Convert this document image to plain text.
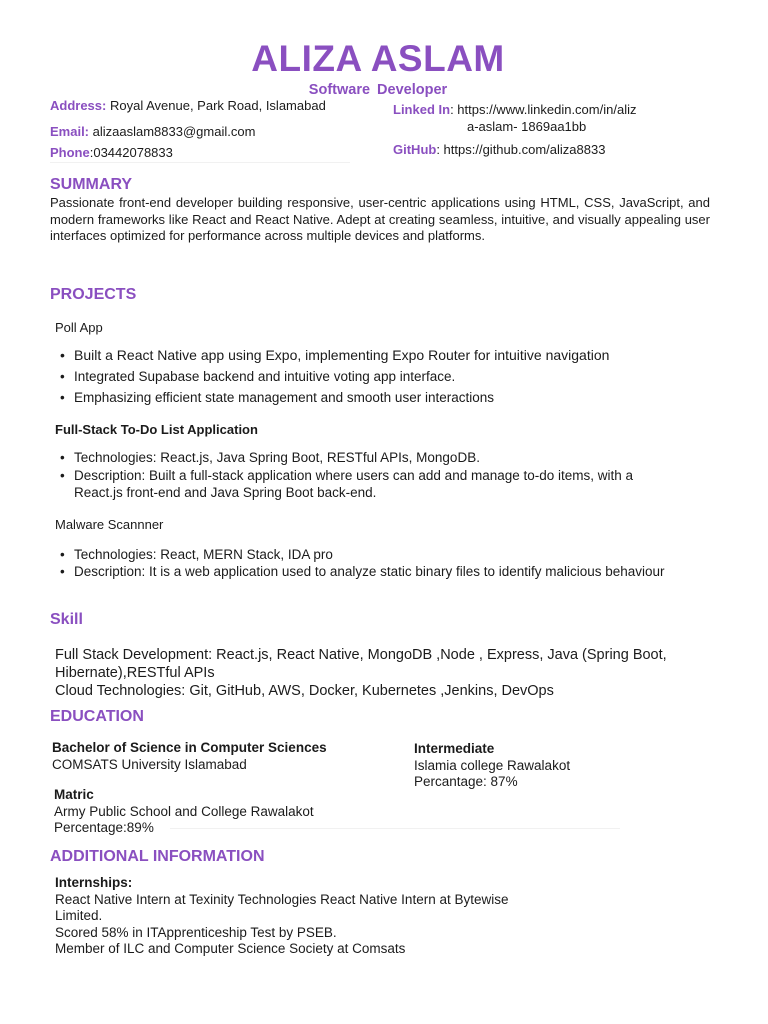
ALIZA ASLAM
Software Developer
Address: Royal Avenue, Park Road, Islamabad
Email: alizaaslam8833@gmail.com
Phone:03442078833
Linked In: https://www.linkedin.com/in/aliz
a-aslam- 1869aa1bb
GitHub: https://github.com/aliza8833
SUMMARY

Passionate front-end developer building responsive, user-centric applications using HTML, CSS, JavaScript, and modern frameworks like React and React Native. Adept at creating seamless, intuitive, and visually appealing user interfaces optimized for performance across multiple devices and platforms.

PROJECTS
Poll App
• Built a React Native app using Expo, implementing Expo Router for intuitive navigation
• Integrated Supabase backend and intuitive voting app interface.
• Emphasizing efficient state management and smooth user interactions
Full-Stack To-Do List Application
• Technologies: React.js, Java Spring Boot, RESTful APIs, MongoDB.
• Description: Built a full-stack application where users can add and manage to-do items, with a React.js front-end and Java Spring Boot back-end.
Malware Scannner
• Technologies: React, MERN Stack, IDA pro
• Description: It is a web application used to analyze static binary files to identify malicious behaviour
Skill

Full Stack Development: React.js, React Native, MongoDB ,Node , Express, Java (Spring Boot, Hibernate),RESTful APIs

Cloud Technologies: Git, GitHub, AWS, Docker, Kubernetes ,Jenkins, DevOps

EDUCATION

Bachelor of Science in Computer Sciences

COMSATS University Islamabad

Matric

Army Public School and College Rawalakot

Percentage:89%

Intermediate

Islamia college Rawalakot

Percantage: 87%

ADDITIONAL INFORMATION

Internships:

React Native Intern at Texinity Technologies React Native Intern at Bytewise Limited.

Scored 58% in ITApprenticeship Test by PSEB.

Member of ILC and Computer Science Society at Comsats
